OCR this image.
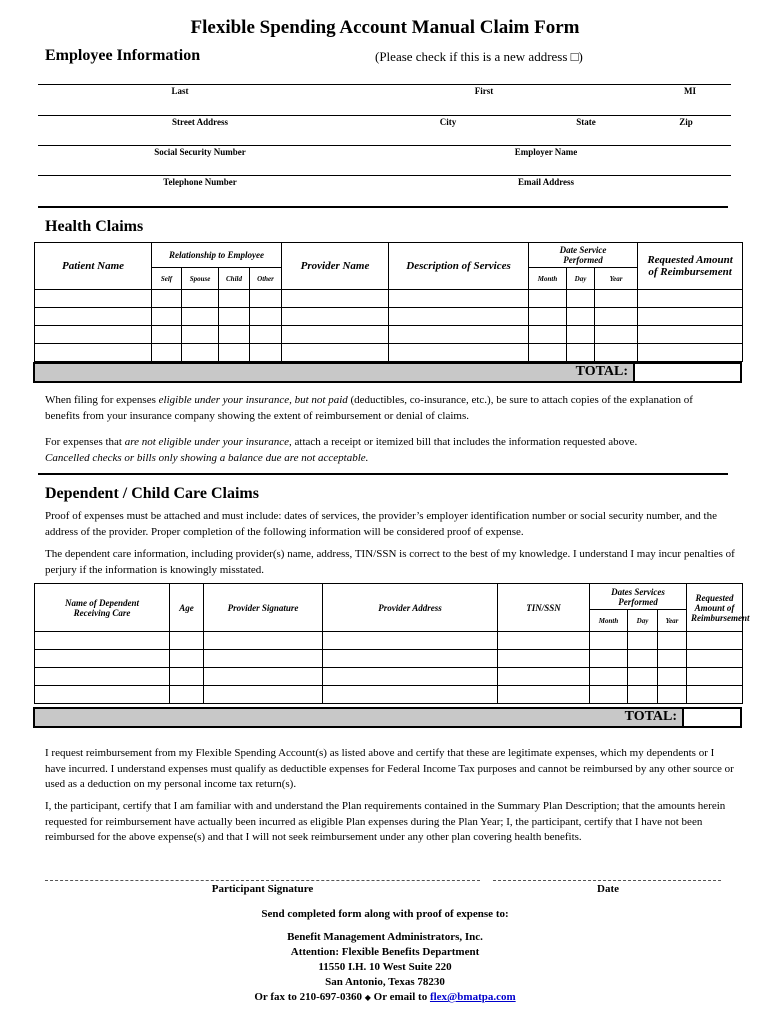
Flexible Spending Account Manual Claim Form
Employee Information	(Please check if this is a new address □)
Last	First	MI
Street Address	City	State	Zip
Social Security Number	Employer Name
Telephone Number	Email Address
Health Claims
Patient Name	Relationship to Employee				Provider Name	Description of Services	Date Service Performed			Requested Amount of Reimbursement
	Self	Spouse	Child	Other			Month	Day	Year	

TOTAL:
When filing for expenses eligible under your insurance, but not paid (deductibles, co-insurance, etc.), be sure to attach copies of the explanation of benefits from your insurance company showing the extent of reimbursement or denial of claims.
For expenses that are not eligible under your insurance, attach a receipt or itemized bill that includes the information requested above.
Cancelled checks or bills only showing a balance due are not acceptable.
Dependent / Child Care Claims
Proof of expenses must be attached and must include: dates of services, the provider’s employer identification number or social security number, and the address of the provider. Proper completion of the following information will be considered proof of expense.
The dependent care information, including provider(s) name, address, TIN/SSN is correct to the best of my knowledge. I understand I may incur penalties of perjury if the information is knowingly misstated.
Name of Dependent Receiving Care	Age	Provider Signature	Provider Address	TIN/SSN	Dates Services Performed			Requested Amount of Reimbursement
					Month	Day	Year	

TOTAL:
I request reimbursement from my Flexible Spending Account(s) as listed above and certify that these are legitimate expenses, which my dependents or I have incurred. I understand expenses must qualify as deductible expenses for Federal Income Tax purposes and cannot be reimbursed by any other source or used as a deduction on my personal income tax return(s).
I, the participant, certify that I am familiar with and understand the Plan requirements contained in the Summary Plan Description; that the amounts herein requested for reimbursement have actually been incurred as eligible Plan expenses during the Plan Year; I, the participant, certify that I have not been reimbursed for the above expense(s) and that I will not seek reimbursement under any other plan covering health benefits.
Participant Signature	Date
Send completed form along with proof of expense to:
Benefit Management Administrators, Inc.
Attention: Flexible Benefits Department
11550 I.H. 10 West Suite 220
San Antonio, Texas 78230
Or fax to 210-697-0360 ◆ Or email to flex@bmatpa.com
